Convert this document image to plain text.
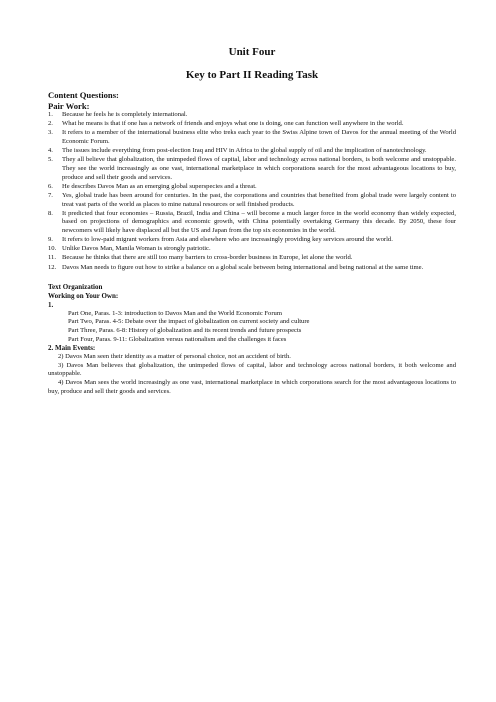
Unit Four

Key to Part II Reading Task

Content Questions:

Pair Work:

1.	Because he feels he is completely international.
2.	What he means is that if one has a network of friends and enjoys what one is doing, one can function well anywhere in the world.
3.	It refers to a member of the international business elite who treks each year to the Swiss Alpine town of Davos for the annual meeting of the World Economic Forum.
4.	The issues include everything from post-election Iraq and HIV in Africa to the global supply of oil and the implication of nanotechnology.
5.	They all believe that globalization, the unimpeded flows of capital, labor and technology across national borders, is both welcome and unstoppable. They see the world increasingly as one vast, international marketplace in which corporations search for the most advantageous locations to buy, produce and sell their goods and services.
6.	He describes Davos Man as an emerging global superspecies and a threat.
7.	Yes, global trade has been around for centuries. In the past, the corporations and countries that benefited from global trade were largely content to treat vast parts of the world as places to mine natural resources or sell finished products.
8.	It predicted that four economies – Russia, Brazil, India and China – will become a much larger force in the world economy than widely expected, based on projections of demographics and economic growth, with China potentially overtaking Germany this decade. By 2050, these four newcomers will likely have displaced all but the US and Japan from the top six economies in the world.
9.	It refers to low-paid migrant workers from Asia and elsewhere who are increasingly providing key services around the world.
10. Unlike Davos Man, Manila Woman is strongly patriotic.
11. Because he thinks that there are still too many barriers to cross-border business in Europe, let alone the world.
12. Davos Man needs to figure out how to strike a balance on a global scale between being international and being national at the same time.

Text Organization

Working on Your Own:

1.

Part One, Paras. 1-3: introduction to Davos Man and the World Economic Forum

Part Two, Paras. 4-5: Debate over the impact of globalization on current society and culture

Part Three, Paras. 6-8: History of globalization and its recent trends and future prospects

Part Four, Paras. 9-11: Globalization versus nationalism and the challenges it faces

2. Main Events:

2) Davos Man seen their identity as a matter of personal choice, not an accident of birth.

3) Davos Man believes that globalization, the unimpeded flows of capital, labor and technology across national borders, it both welcome and unstoppable.

4) Davos Man sees the world increasingly as one vast, international marketplace in which corporations search for the most advantageous locations to buy, produce and sell their goods and services.
